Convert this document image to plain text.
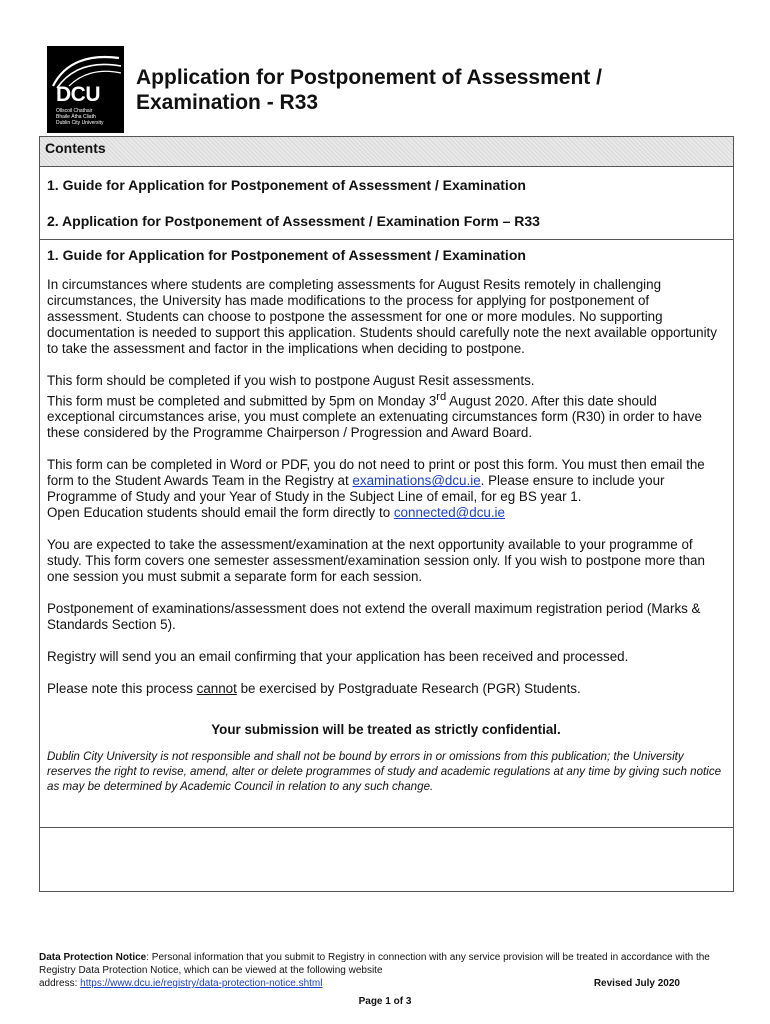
DCU
Ollscoil Chathair
Bhaile Átha Cliath
Dublin City University
Application for Postponement of Assessment /
Examination - R33
Contents
1. Guide for Application for Postponement of Assessment / Examination
2. Application for Postponement of Assessment / Examination Form – R33
1. Guide for Application for Postponement of Assessment / Examination

In circumstances where students are completing assessments for August Resits remotely in challenging circumstances, the University has made modifications to the process for applying for postponement of assessment. Students can choose to postpone the assessment for one or more modules. No supporting documentation is needed to support this application. Students should carefully note the next available opportunity to take the assessment and factor in the implications when deciding to postpone.

This form should be completed if you wish to postpone August Resit assessments.
This form must be completed and submitted by 5pm on Monday 3rd August 2020. After this date should exceptional circumstances arise, you must complete an extenuating circumstances form (R30) in order to have these considered by the Programme Chairperson / Progression and Award Board.

This form can be completed in Word or PDF, you do not need to print or post this form. You must then email the form to the Student Awards Team in the Registry at examinations@dcu.ie. Please ensure to include your Programme of Study and your Year of Study in the Subject Line of email, for eg BS year 1.
Open Education students should email the form directly to connected@dcu.ie

You are expected to take the assessment/examination at the next opportunity available to your programme of study. This form covers one semester assessment/examination session only. If you wish to postpone more than one session you must submit a separate form for each session.

Postponement of examinations/assessment does not extend the overall maximum registration period (Marks & Standards Section 5).

Registry will send you an email confirming that your application has been received and processed.

Please note this process cannot be exercised by Postgraduate Research (PGR) Students.

Your submission will be treated as strictly confidential.

Dublin City University is not responsible and shall not be bound by errors in or omissions from this publication; the University reserves the right to revise, amend, alter or delete programmes of study and academic regulations at any time by giving such notice as may be determined by Academic Council in relation to any such change.

Data Protection Notice: Personal information that you submit to Registry in connection with any service provision will be treated in accordance with the Registry Data Protection Notice, which can be viewed at the following website
address: https://www.dcu.ie/registry/data-protection-notice.shtml	Revised July 2020
Page 1 of 3
